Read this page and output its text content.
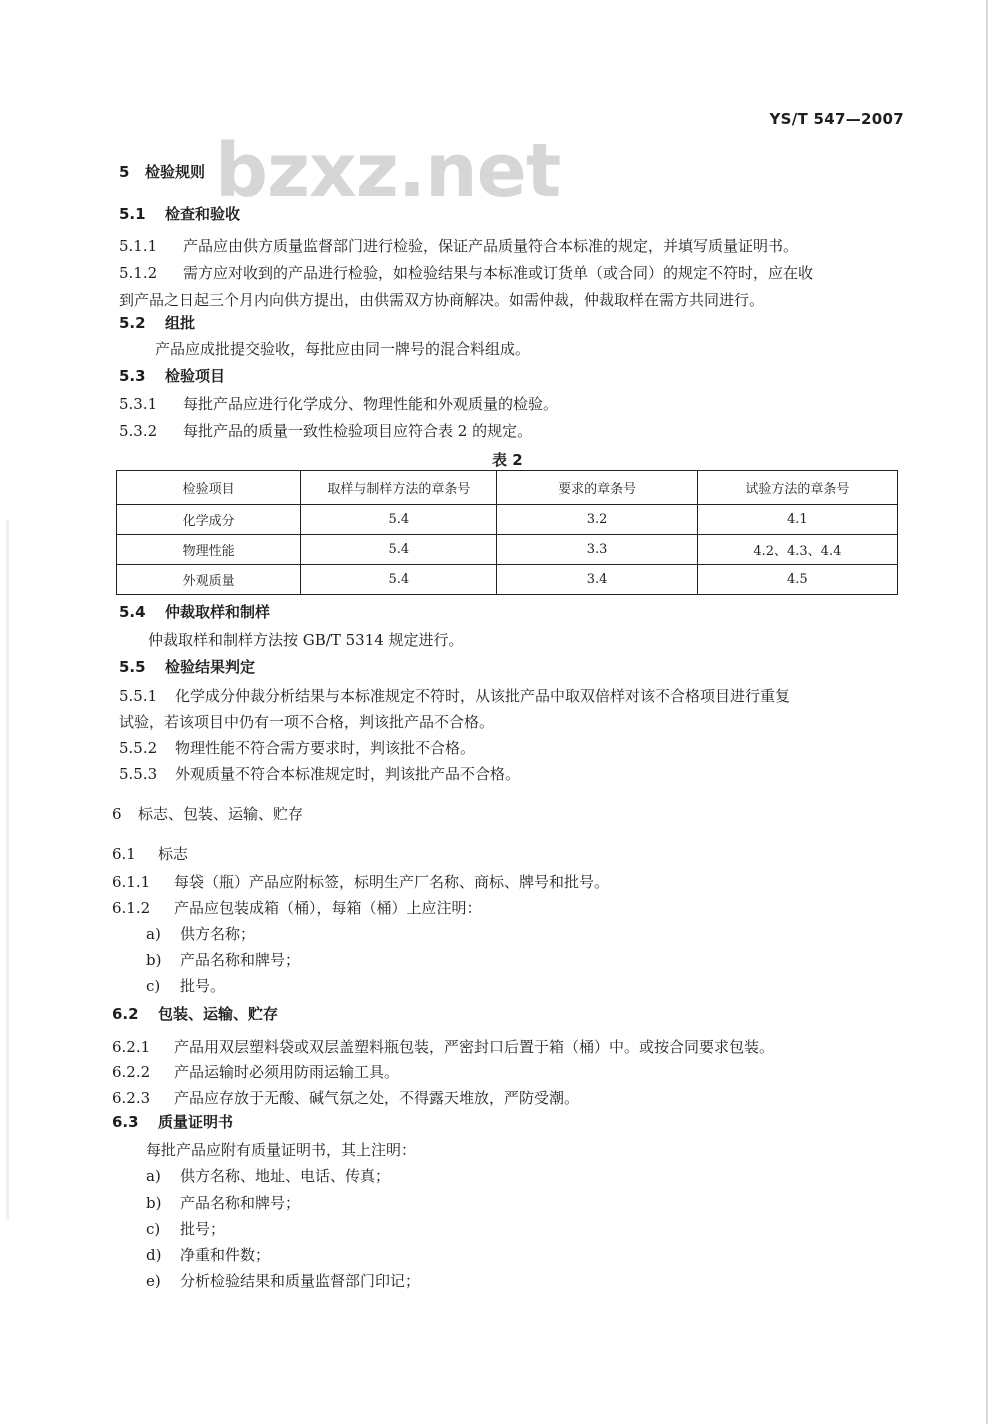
bzxz.net
YS/T 547—2007
5 检验规则
5.1 检查和验收
5.1.1 产品应由供方质量监督部门进行检验，保证产品质量符合本标准的规定，并填写质量证明书。
5.1.2 需方应对收到的产品进行检验，如检验结果与本标准或订货单（或合同）的规定不符时，应在收
到产品之日起三个月内向供方提出，由供需双方协商解决。如需仲裁，仲裁取样在需方共同进行。
5.2 组批
产品应成批提交验收，每批应由同一牌号的混合料组成。
5.3 检验项目
5.3.1 每批产品应进行化学成分、物理性能和外观质量的检验。
5.3.2 每批产品的质量一致性检验项目应符合表 2 的规定。
表 2
检验项目	取样与制样方法的章条号	要求的章条号	试验方法的章条号
化学成分	5.4	3.2	4.1
物理性能	5.4	3.3	4.2、4.3、4.4
外观质量	5.4	3.4	4.5
5.4 仲裁取样和制样
仲裁取样和制样方法按 GB/T 5314 规定进行。
5.5 检验结果判定
5.5.1 化学成分仲裁分析结果与本标准规定不符时，从该批产品中取双倍样对该不合格项目进行重复
试验，若该项目中仍有一项不合格，判该批产品不合格。
5.5.2 物理性能不符合需方要求时，判该批不合格。
5.5.3 外观质量不符合本标准规定时，判该批产品不合格。
6 标志、包装、运输、贮存
6.1 标志
6.1.1 每袋（瓶）产品应附标签，标明生产厂名称、商标、牌号和批号。
6.1.2 产品应包装成箱（桶），每箱（桶）上应注明：
a) 供方名称；
b) 产品名称和牌号；
c) 批号。
6.2 包装、运输、贮存
6.2.1 产品用双层塑料袋或双层盖塑料瓶包装，严密封口后置于箱（桶）中。或按合同要求包装。
6.2.2 产品运输时必须用防雨运输工具。
6.2.3 产品应存放于无酸、碱气氛之处，不得露天堆放，严防受潮。
6.3 质量证明书
每批产品应附有质量证明书，其上注明：
a) 供方名称、地址、电话、传真；
b) 产品名称和牌号；
c) 批号；
d) 净重和件数；
e) 分析检验结果和质量监督部门印记；
